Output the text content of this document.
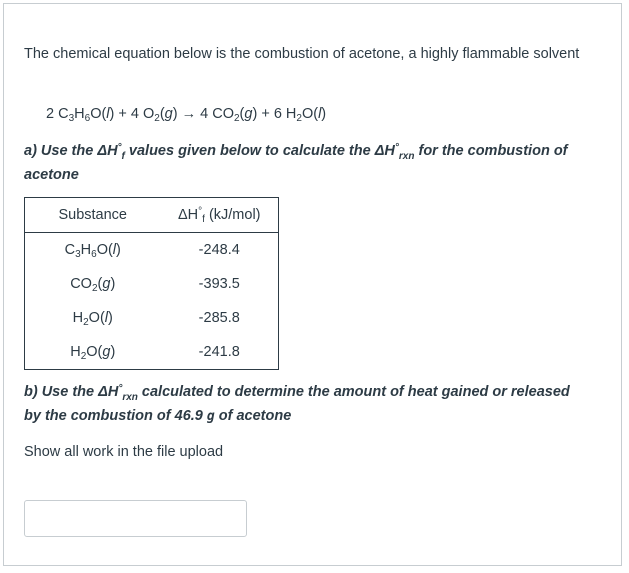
The chemical equation below is the combustion of acetone, a highly flammable solvent
2 $C_3H_6O(l) + 4$ $O_2(g) \to 4$ $CO_2(g) + 6$ $H_2O(l)$
a) Use the $\Delta H^\circ_f$ values given below to calculate the $\Delta H^\circ_{rxn}$ for the combustion of acetone
Substance	$\Delta H^\circ_f$ (kJ/mol)
$C_3H_6O(l)$	-248.4
$CO_2(g)$	-393.5
$H_2O(l)$	-285.8
$H_2O(g)$	-241.8
b) Use the $\Delta H^\circ_{rxn}$ calculated to determine the amount of heat gained or released by the combustion of 46.9 g of acetone
Show all work in the file upload
